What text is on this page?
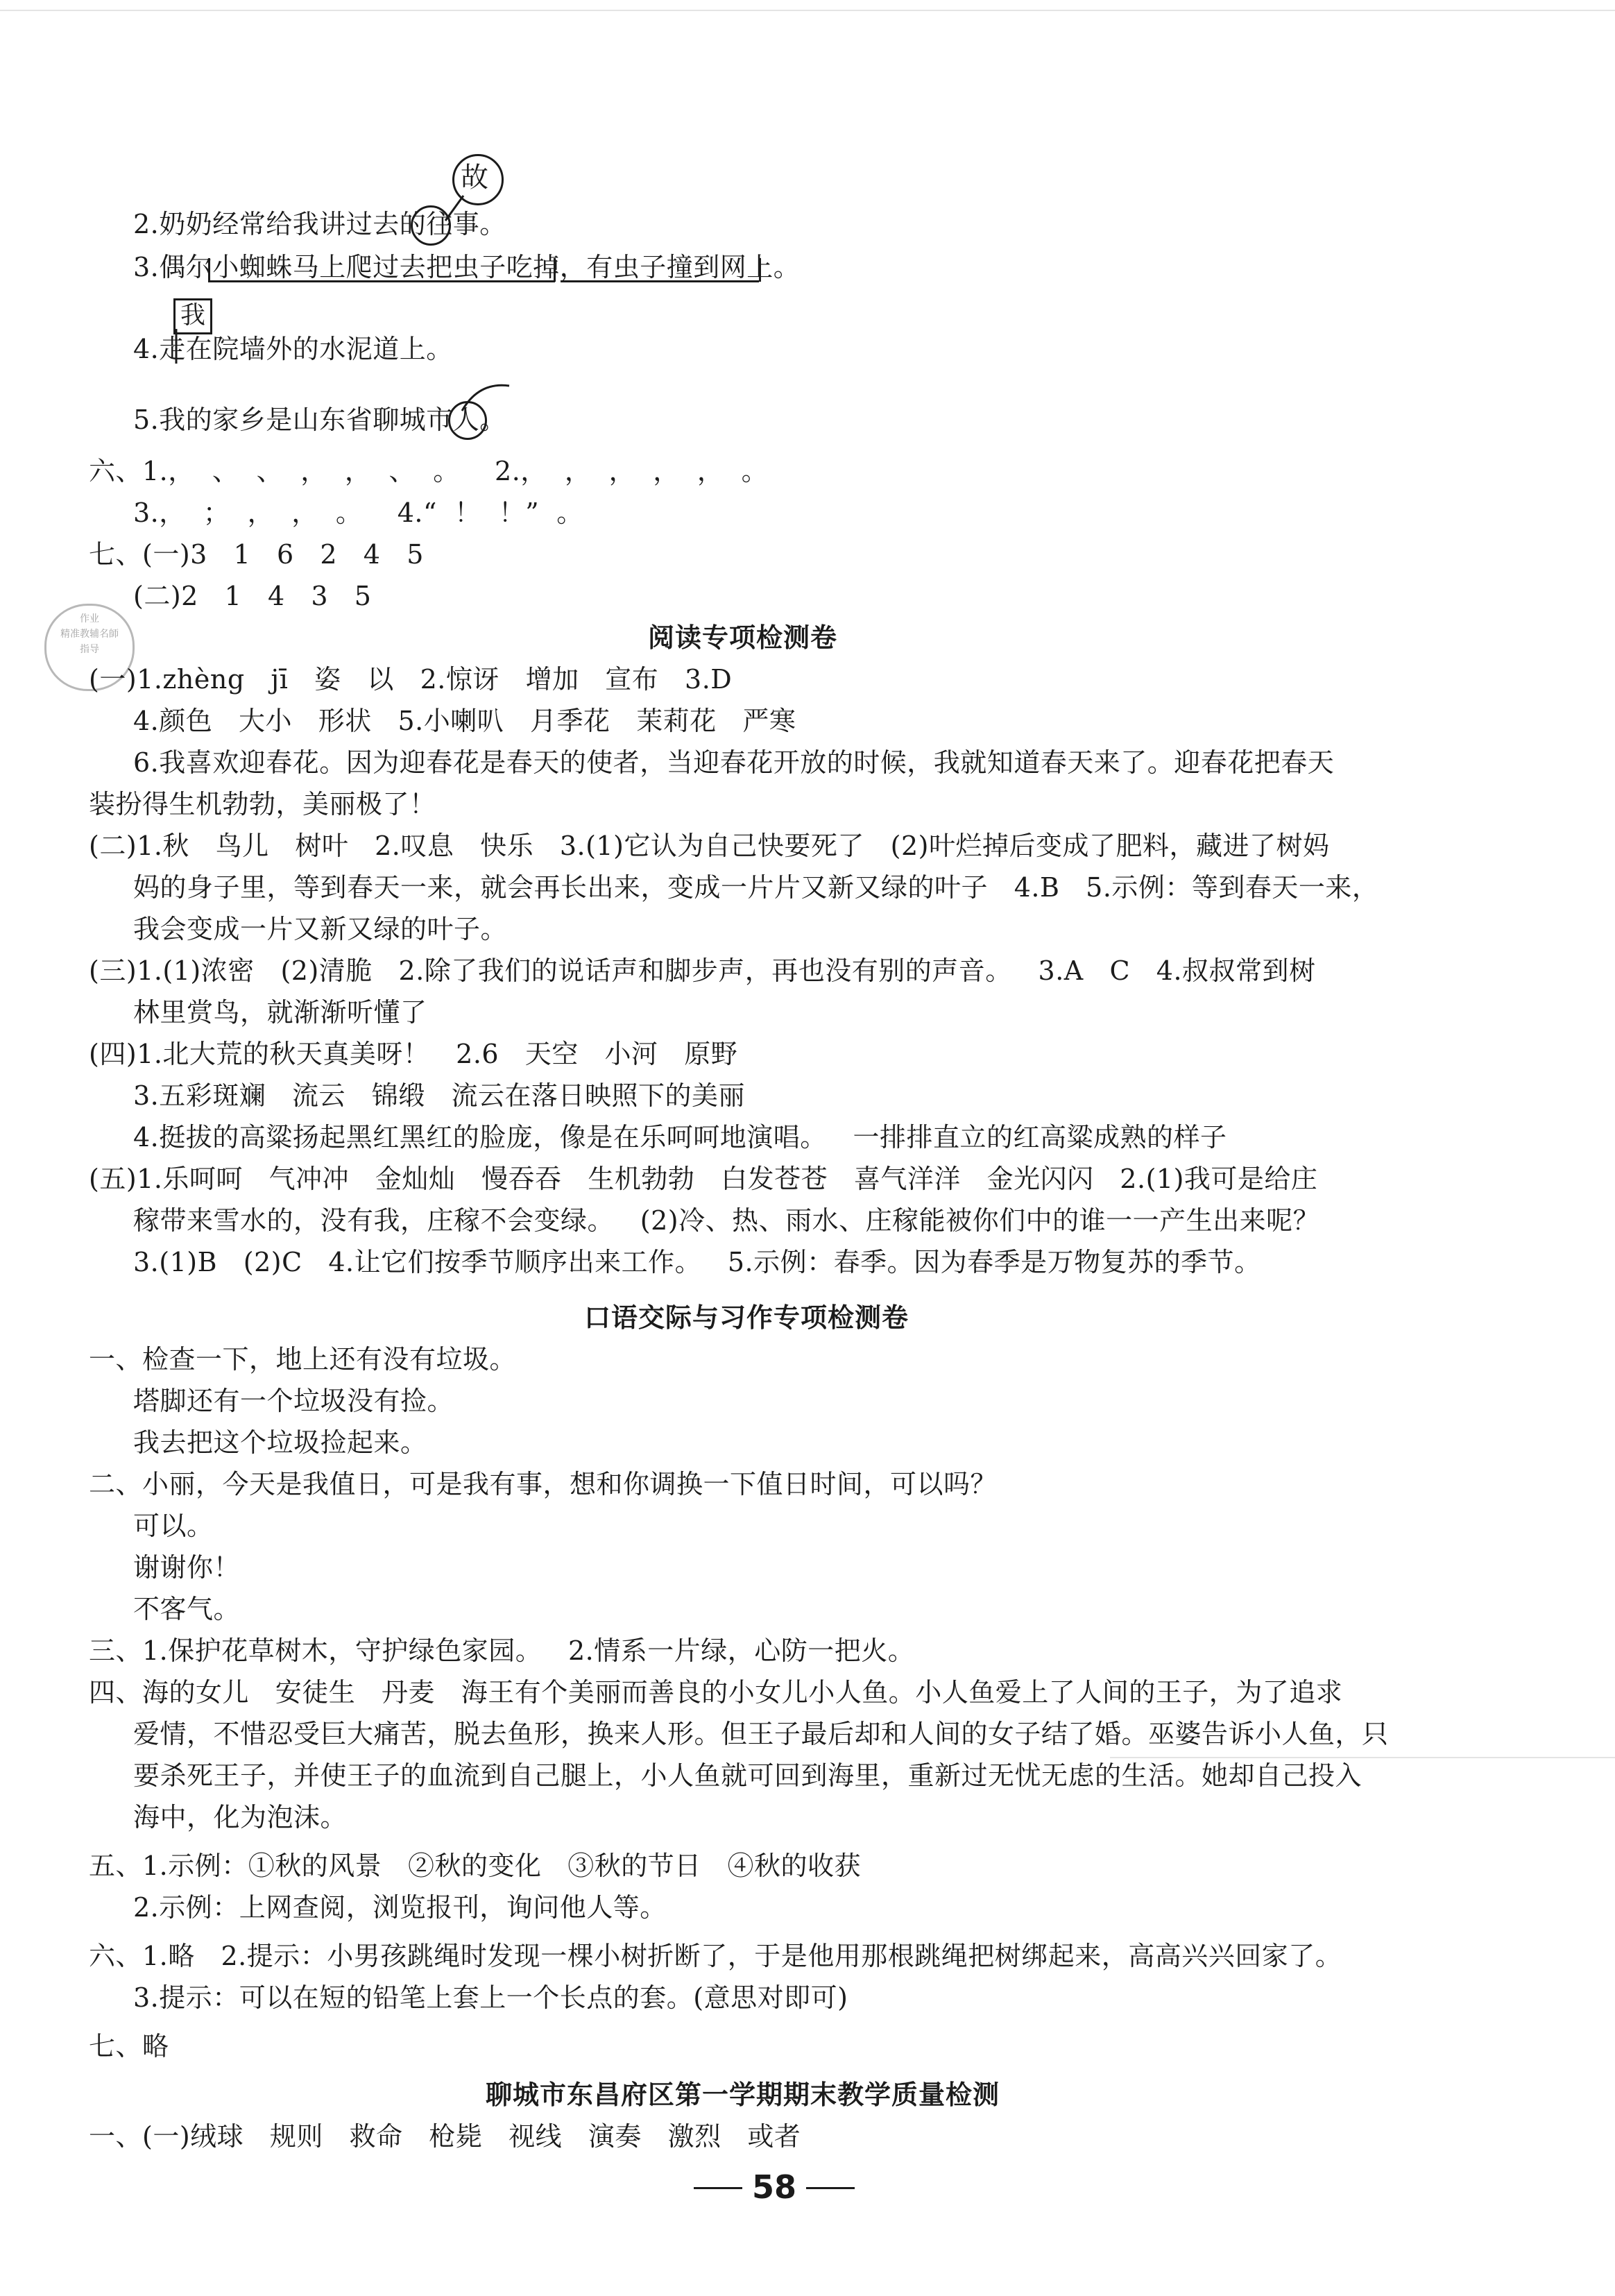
故
2.奶奶经常给我讲过去的往事。
3.偶尔小蜘蛛马上爬过去把虫子吃掉，有虫子撞到网上。
我
4.走在院墙外的水泥道上。
5.我的家乡是山东省聊城市人。
六、1.，  、  、  ，  ，  、  。    2.，  ，  ，  ，  ，  。
3.，  ；  ，  ，  。    4.“  ！  ！”  。
七、(一)3   1   6   2   4   5
(二)2   1   4   3   5
作业
精准教辅名師
指导	阅读专项检测卷
(一)1.zhèng   jī   姿   以   2.惊讶   增加   宣布   3.D
4.颜色   大小   形状   5.小喇叭   月季花   茉莉花   严寒
6.我喜欢迎春花。因为迎春花是春天的使者，当迎春花开放的时候，我就知道春天来了。迎春花把春天
装扮得生机勃勃，美丽极了！
(二)1.秋   鸟儿   树叶   2.叹息   快乐   3.(1)它认为自己快要死了   (2)叶烂掉后变成了肥料，藏进了树妈
妈的身子里，等到春天一来，就会再长出来，变成一片片又新又绿的叶子   4.B   5.示例：等到春天一来，
我会变成一片又新又绿的叶子。
(三)1.(1)浓密   (2)清脆   2.除了我们的说话声和脚步声，再也没有别的声音。   3.A   C   4.叔叔常到树
林里赏鸟，就渐渐听懂了
(四)1.北大荒的秋天真美呀！   2.6   天空   小河   原野
3.五彩斑斓   流云   锦缎   流云在落日映照下的美丽
4.挺拔的高粱扬起黑红黑红的脸庞，像是在乐呵呵地演唱。   一排排直立的红高粱成熟的样子
(五)1.乐呵呵   气冲冲   金灿灿   慢吞吞   生机勃勃   白发苍苍   喜气洋洋   金光闪闪   2.(1)我可是给庄
稼带来雪水的，没有我，庄稼不会变绿。   (2)冷、热、雨水、庄稼能被你们中的谁一一产生出来呢？
3.(1)B   (2)C   4.让它们按季节顺序出来工作。   5.示例：春季。因为春季是万物复苏的季节。
口语交际与习作专项检测卷
一、检查一下，地上还有没有垃圾。
塔脚还有一个垃圾没有捡。
我去把这个垃圾捡起来。
二、小丽，今天是我值日，可是我有事，想和你调换一下值日时间，可以吗？
可以。
谢谢你！
不客气。
三、1.保护花草树木，守护绿色家园。   2.情系一片绿，心防一把火。
四、海的女儿   安徒生   丹麦   海王有个美丽而善良的小女儿小人鱼。小人鱼爱上了人间的王子，为了追求
爱情，不惜忍受巨大痛苦，脱去鱼形，换来人形。但王子最后却和人间的女子结了婚。巫婆告诉小人鱼，只
要杀死王子，并使王子的血流到自己腿上，小人鱼就可回到海里，重新过无忧无虑的生活。她却自己投入
海中，化为泡沫。
五、1.示例：①秋的风景   ②秋的变化   ③秋的节日   ④秋的收获
2.示例：上网查阅，浏览报刊，询问他人等。
六、1.略   2.提示：小男孩跳绳时发现一棵小树折断了，于是他用那根跳绳把树绑起来，高高兴兴回家了。
3.提示：可以在短的铅笔上套上一个长点的套。(意思对即可)
七、略
聊城市东昌府区第一学期期末教学质量检测
一、(一)绒球   规则   救命   枪毙   视线   演奏   激烈   或者
58
